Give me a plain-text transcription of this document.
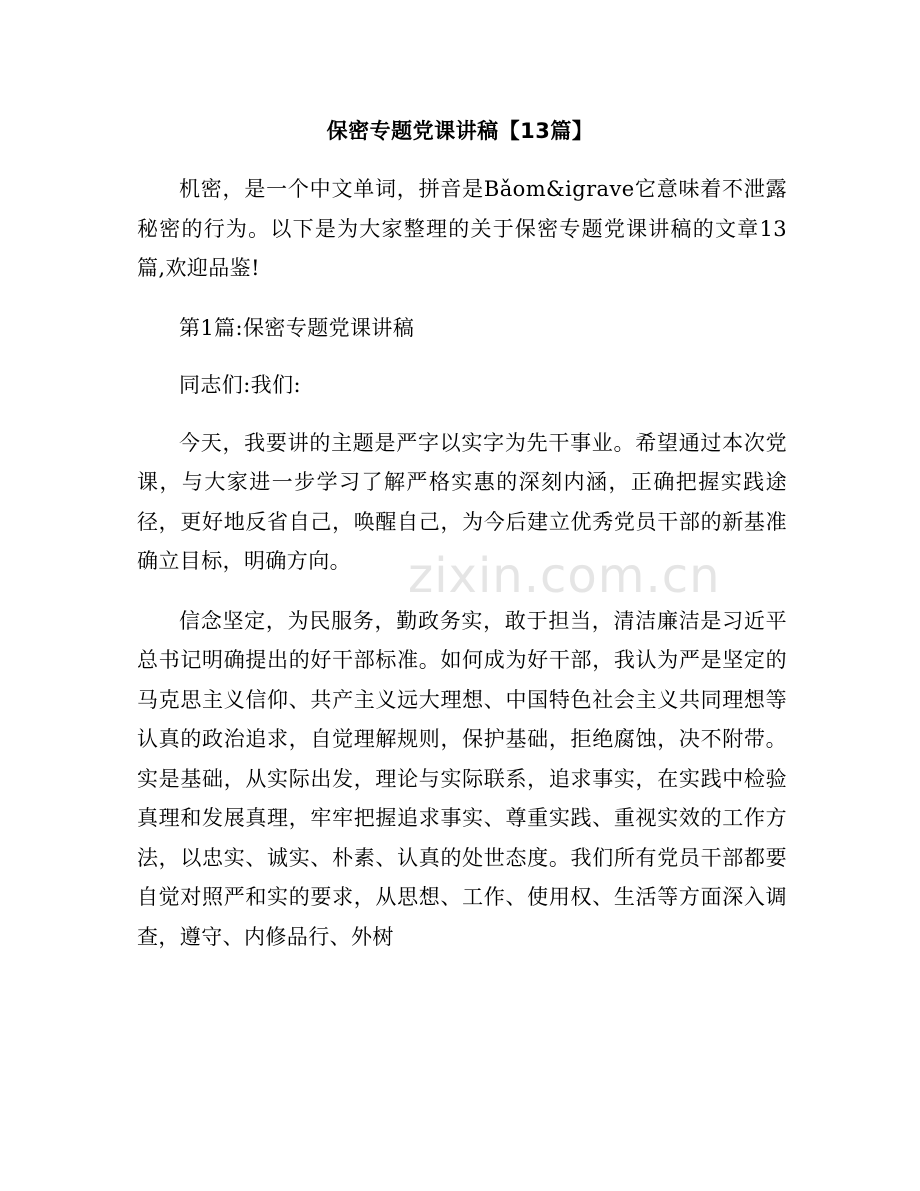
保密专题党课讲稿【13篇】

机密，是一个中文单词，拼音是Bǎom&igrave它意味着不泄露秘密的行为。以下是为大家整理的关于保密专题党课讲稿的文章13篇,欢迎品鉴!

第1篇:保密专题党课讲稿

同志们:我们:

今天，我要讲的主题是严字以实字为先干事业。希望通过本次党课，与大家进一步学习了解严格实惠的深刻内涵，正确把握实践途径，更好地反省自己，唤醒自己，为今后建立优秀党员干部的新基准确立目标，明确方向。

信念坚定，为民服务，勤政务实，敢于担当，清洁廉洁是习近平总书记明确提出的好干部标准。如何成为好干部，我认为严是坚定的马克思主义信仰、共产主义远大理想、中国特色社会主义共同理想等认真的政治追求，自觉理解规则，保护基础，拒绝腐蚀，决不附带。实是基础，从实际出发，理论与实际联系，追求事实，在实践中检验真理和发展真理，牢牢把握追求事实、尊重实践、重视实效的工作方法，以忠实、诚实、朴素、认真的处世态度。我们所有党员干部都要自觉对照严和实的要求，从思想、工作、使用权、生活等方面深入调查，遵守、内修品行、外树

zixin.com.cn
